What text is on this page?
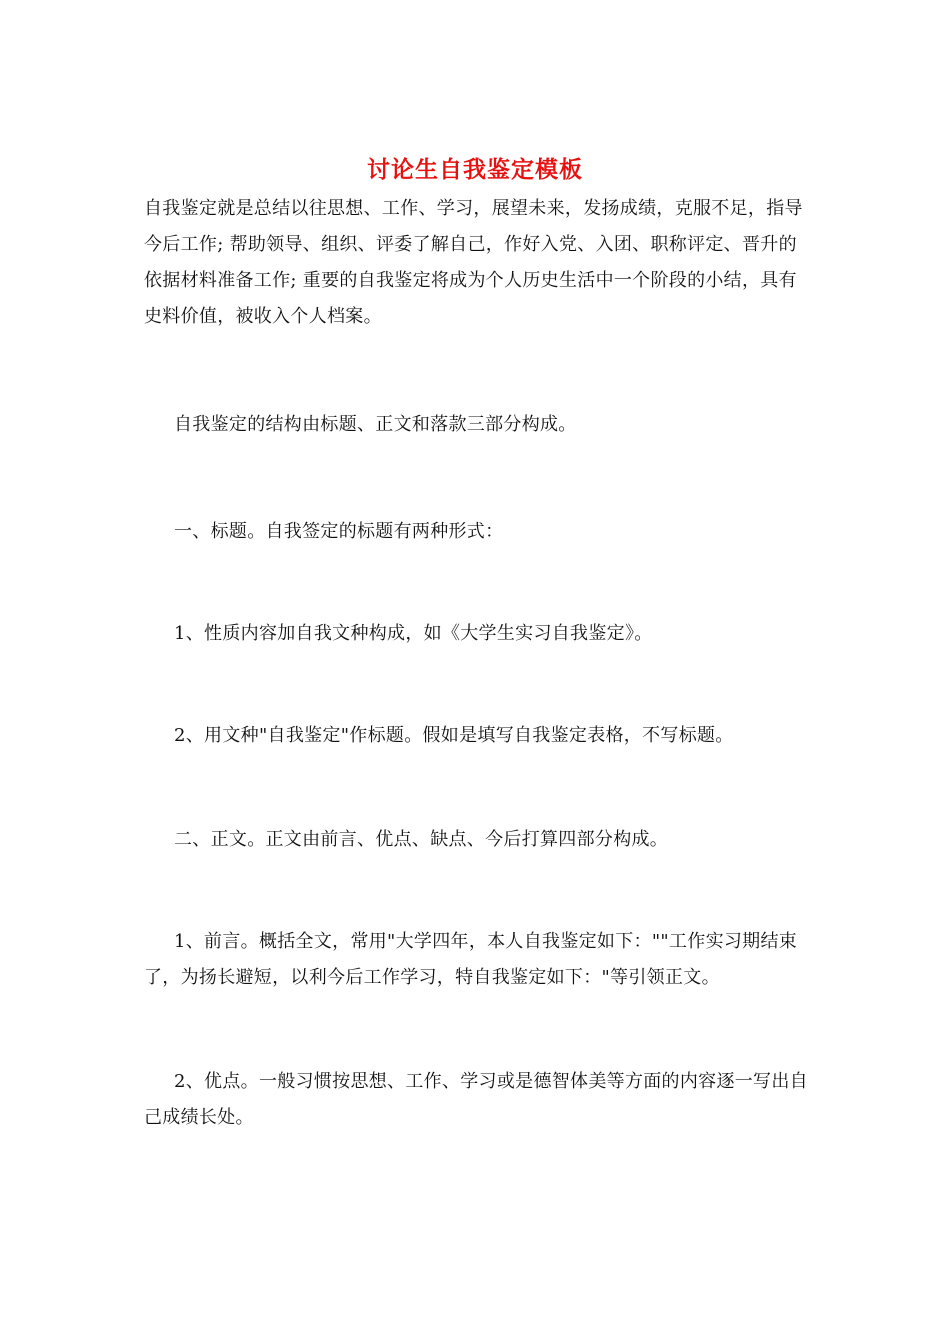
讨论生自我鉴定模板

自我鉴定就是总结以往思想、工作、学习，展望未来，发扬成绩，克服不足，指导今后工作; 帮助领导、组织、评委了解自己，作好入党、入团、职称评定、晋升的依据材料准备工作; 重要的自我鉴定将成为个人历史生活中一个阶段的小结，具有史料价值，被收入个人档案。

自我鉴定的结构由标题、正文和落款三部分构成。

一、标题。自我签定的标题有两种形式：

1、性质内容加自我文种构成，如《大学生实习自我鉴定》。

2、用文种"自我鉴定"作标题。假如是填写自我鉴定表格，不写标题。

二、正文。正文由前言、优点、缺点、今后打算四部分构成。

1、前言。概括全文，常用"大学四年，本人自我鉴定如下：""工作实习期结束了，为扬长避短，以利今后工作学习，特自我鉴定如下："等引领正文。

2、优点。一般习惯按思想、工作、学习或是德智体美等方面的内容逐一写出自己成绩长处。
